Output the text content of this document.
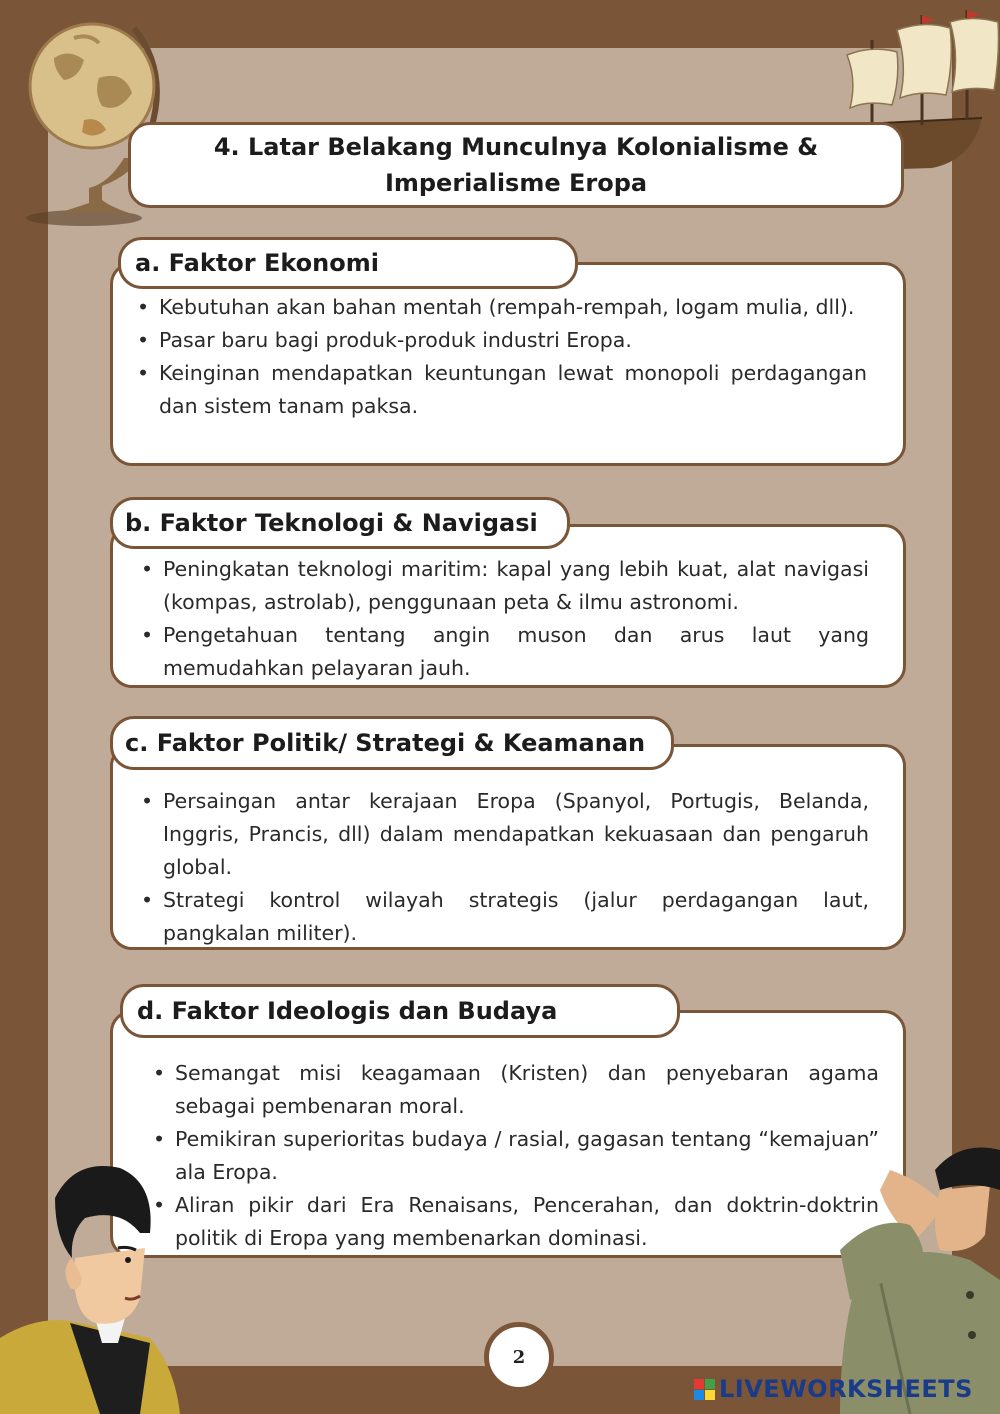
4. Latar Belakang Munculnya Kolonialisme &
Imperialisme Eropa
• Kebutuhan akan bahan mentah (rempah-rempah, logam mulia, dll).
• Pasar baru bagi produk-produk industri Eropa.
• Keinginan mendapatkan keuntungan lewat monopoli perdagangan dan sistem tanam paksa.
a. Faktor Ekonomi
• Peningkatan teknologi maritim: kapal yang lebih kuat, alat navigasi (kompas, astrolab), penggunaan peta & ilmu astronomi.
• Pengetahuan tentang angin muson dan arus laut yang memudahkan pelayaran jauh.
b. Faktor Teknologi & Navigasi
• Persaingan antar kerajaan Eropa (Spanyol, Portugis, Belanda, Inggris, Prancis, dll) dalam mendapatkan kekuasaan dan pengaruh global.
• Strategi kontrol wilayah strategis (jalur perdagangan laut, pangkalan militer).
c. Faktor Politik/ Strategi & Keamanan
• Semangat misi keagamaan (Kristen) dan penyebaran agama sebagai pembenaran moral.
• Pemikiran superioritas budaya / rasial, gagasan tentang “kemajuan” ala Eropa.
• Aliran pikir dari Era Renaisans, Pencerahan, dan doktrin-doktrin politik di Eropa yang membenarkan dominasi.
d. Faktor Ideologis dan Budaya
2
LIVEWORKSHEETS
